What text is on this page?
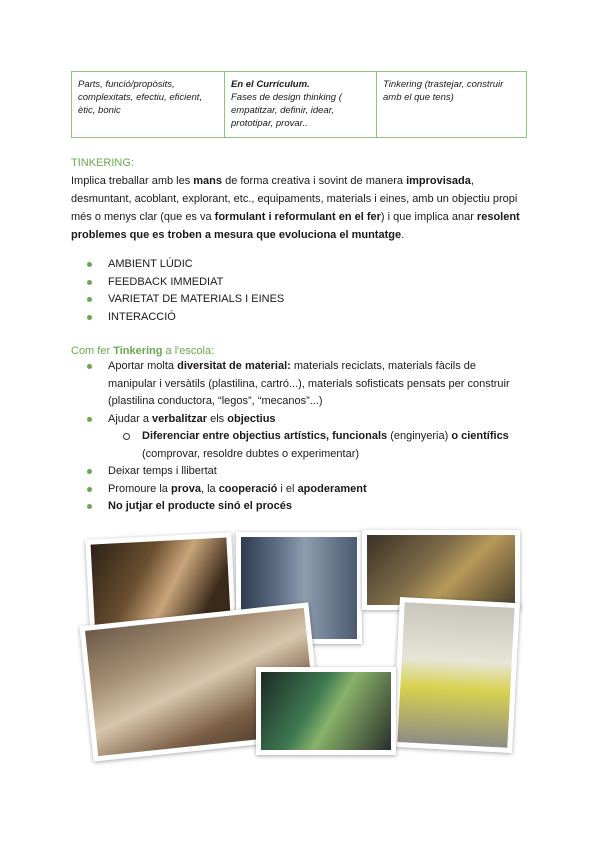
Parts, funció/propòsits, complexitats, efectiu, eficient, ètic, bonic
En el Currículum.
Fases de design thinking ( empatitzar, definir, idear, prototipar, provar..
Tinkering (trastejar, construir amb el que tens)
TINKERING:
Implica treballar amb les mans de forma creativa i sovint de manera improvisada, desmuntant, acoblant, explorant, etc., equipaments, materials i eines, amb un objectiu propi més o menys clar (que es va formulant i reformulant en el fer) i que implica anar resolent problemes que es troben a mesura que evoluciona el muntatge.
AMBIENT LÚDIC
FEEDBACK IMMEDIAT
VARIETAT DE MATERIALS I EINES
INTERACCIÓ
Com fer Tinkering a l'escola:
Aportar molta diversitat de material: materials reciclats, materials fàcils de manipular i versàtils (plastilina, cartró...), materials sofisticats pensats per construir (plastilina conductora, “legos”, “mecanos”...)
Ajudar a verbalitzar els objectius
Diferenciar entre objectius artístics, funcionals (enginyeria) o científics (comprovar, resoldre dubtes o experimentar)
Deixar temps i llibertat
Promoure la prova, la cooperació i el apoderament
No jutjar el producte sinó el procés
